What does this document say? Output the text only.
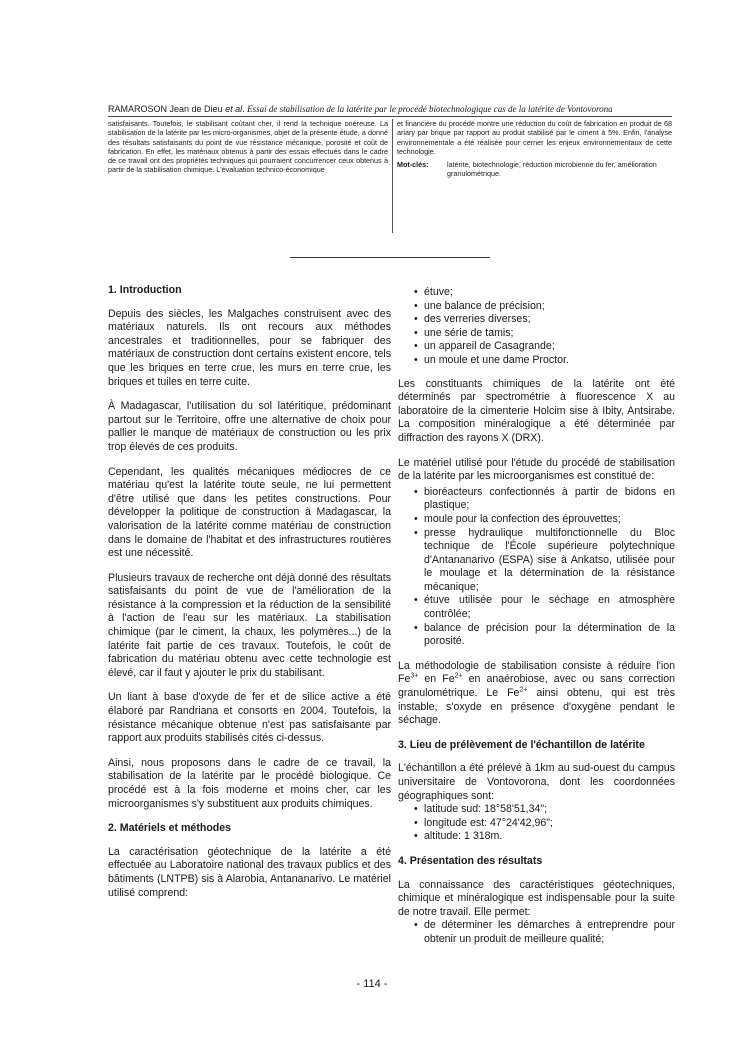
RAMAROSON Jean de Dieu et al. Essai de stabilisation de la latérite par le procédé biotechnologique cas de la latérite de Vontovorona
satisfaisants. Toutefois, le stabilisant coûtant cher, il rend la technique onéreuse. La stabilisation de la latérite par les micro-organismes, objet de la présente étude, a donné des résultats satisfaisants du point de vue résistance mécanique, porosité et coût de fabrication. En effet, les matériaux obtenus à partir des essais effectués dans le cadre de ce travail ont des propriétés techniques qui pourraient concurrencer ceux obtenus à partir de la stabilisation chimique. L'évaluation technico-économique
et financière du procédé montre une réduction du coût de fabrication en produit de 68 ariary par brique par rapport au produit stabilisé par le ciment à 5%. Enfin, l'analyse environnementale a été réalisée pour cerner les enjeux environnementaux de cette technologie.
Mot-clés:	latérite, biotechnologie, réduction microbienne du fer, amélioration granulométrique.
1. Introduction

Depuis des siècles, les Malgaches construisent avec des matériaux naturels. Ils ont recours aux méthodes ancestrales et traditionnelles, pour se fabriquer des matériaux de construction dont certains existent encore, tels que les briques en terre crue, les murs en terre crue, les briques et tuiles en terre cuite.

À Madagascar, l'utilisation du sol latéritique, prédominant partout sur le Territoire, offre une alternative de choix pour pallier le manque de matériaux de construction ou les prix trop élevés de ces produits.

Cependant, les qualités mécaniques médiocres de ce matériau qu'est la latérite toute seule, ne lui permettent d'être utilisé que dans les petites constructions. Pour développer la politique de construction à Madagascar, la valorisation de la latérite comme matériau de construction dans le domaine de l'habitat et des infrastructures routières est une nécessité.

Plusieurs travaux de recherche ont déjà donné des résultats satisfaisants du point de vue de l'amélioration de la résistance à la compression et la réduction de la sensibilité à l'action de l'eau sur les matériaux. La stabilisation chimique (par le ciment, la chaux, les polymères...) de la latérite fait partie de ces travaux. Toutefois, le coût de fabrication du matériau obtenu avec cette technologie est élevé, car il faut y ajouter le prix du stabilisant.

Un liant à base d'oxyde de fer et de silice active a été élaboré par Randriana et consorts en 2004. Toutefois, la résistance mécanique obtenue n'est pas satisfaisante par rapport aux produits stabilisés cités ci-dessus.

Ainsi, nous proposons dans le cadre de ce travail, la stabilisation de la latérite par le procédé biologique. Ce procédé est à la fois moderne et moins cher, car les microorganismes s'y substituent aux produits chimiques.

2. Matériels et méthodes

La caractérisation géotechnique de la latérite a été effectuée au Laboratoire national des travaux publics et des bâtiments (LNTPB) sis à Alarobia, Antananarivo. Le matériel utilisé comprend:

• étuve;
• une balance de précision;
• des verreries diverses;
• une série de tamis;
• un appareil de Casagrande;
• un moule et une dame Proctor.

Les constituants chimiques de la latérite ont été déterminés par spectrométrie à fluorescence X au laboratoire de la cimenterie Holcim sise à Ibity, Antsirabe. La composition minéralogique a été déterminée par diffraction des rayons X (DRX).

Le matériel utilisé pour l'étude du procédé de stabilisation de la latérite par les microorganismes est constitué de:

• bioréacteurs confectionnés à partir de bidons en plastique;
• moule pour la confection des éprouvettes;
• presse hydraulique multifonctionnelle du Bloc technique de l'École supérieure polytechnique d'Antananarivo (ESPA) sise à Ankatso, utilisée pour le moulage et la détermination de la résistance mécanique;
• étuve utilisée pour le séchage en atmosphère contrôlée;
• balance de précision pour la détermination de la porosité.

La méthodologie de stabilisation consiste à réduire l'ion $Fe^{3+}$ en $Fe^{2+}$ en anaérobiose, avec ou sans correction granulométrique. Le $Fe^{2+}$ ainsi obtenu, qui est très instable, s'oxyde en présence d'oxygène pendant le séchage.

3. Lieu de prélèvement de l'échantillon de latérite

L'échantillon a été prélevé à 1km au sud-ouest du campus universitaire de Vontovorona, dont les coordonnées géographiques sont:

• latitude sud: 18°58'51,34";
• longitude est: 47°24'42,96";
• altitude: 1 318m.
4. Présentation des résultats

La connaissance des caractéristiques géotechniques, chimique et minéralogique est indispensable pour la suite de notre travail. Elle permet:

• de déterminer les démarches à entreprendre pour obtenir un produit de meilleure qualité;
- 114 -
